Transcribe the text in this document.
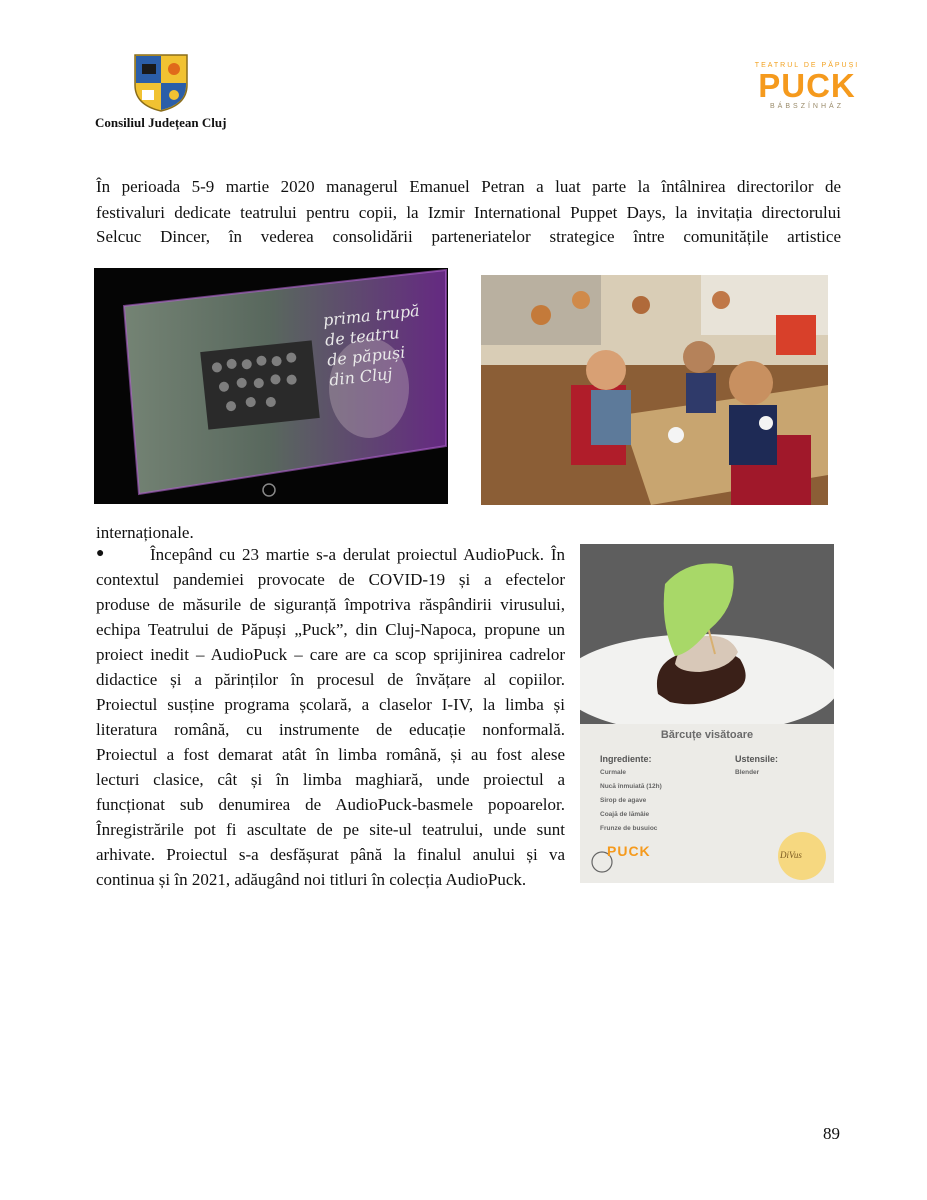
Consiliul Județean Cluj
TEATRUL DE PĂPUȘI
PUCK
BÁBSZÍNHÁZ
În perioada 5-9 martie 2020 managerul Emanuel Petran a luat parte la întâlnirea directorilor de
festivaluri dedicate teatrului pentru copii, la Izmir International Puppet Days, la invitația directorului
Selcuc Dincer, în vederea consolidării parteneriatelor strategice între comunitățile artistice
prima trupă
de teatru
de păpuși
din Cluj
internaționale.
●	Începând cu 23 martie s-a derulat proiectul AudioPuck. În
contextul pandemiei provocate de COVID-19 și a efectelor
produse de măsurile de siguranță împotriva răspândirii virusului,
echipa Teatrului de Păpuși „Puck”, din Cluj-Napoca, propune un
proiect inedit – AudioPuck – care are ca scop sprijinirea cadrelor
didactice și a părinților în procesul de învățare al copiilor.
Proiectul susține programa școlară, a claselor I-IV, la limba și
literatura română, cu instrumente de educație nonformală.
Proiectul a fost demarat atât în limba română, și au fost alese
lecturi clasice, cât și în limba maghiară, unde proiectul a
funcționat sub denumirea de AudioPuck-basmele popoarelor.
Înregistrările pot fi ascultate de pe site-ul teatrului, unde sunt
arhivate. Proiectul s-a desfășurat până la finalul anului și va
continua și în 2021, adăugând noi titluri în colecția AudioPuck.
Bărcuțe visătoare
Ingrediente:	Ustensile:
Curmale
Nucă înmuiată (12h)
Sirop de agave
Coajă de lămâie
Frunze de busuioc
Blender
PUCK	DiVus
89
